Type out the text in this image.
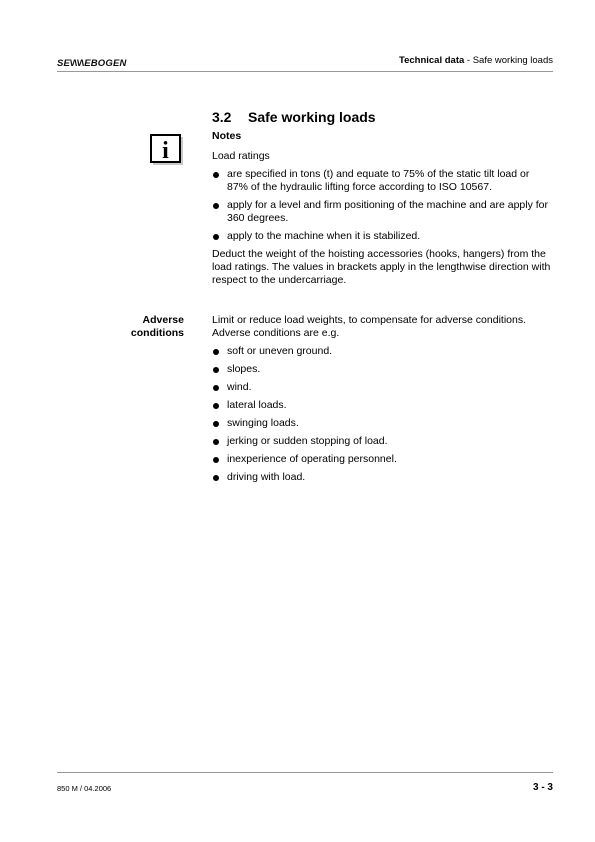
SENNEBOGEN	Technical data - Safe working loads
i
3.2 Safe working loads
Notes

Load ratings

are specified in tons (t) and equate to 75% of the static tilt load or 87% of the hydraulic lifting force according to ISO 10567.
apply for a level and firm positioning of the machine and are apply for 360 degrees.
apply to the machine when it is stabilized.

Deduct the weight of the hoisting accessories (hooks, hangers) from the load ratings. The values in brackets apply in the lengthwise direction with respect to the undercarriage.

Adverse
conditions

Limit or reduce load weights, to compensate for adverse conditions. Adverse conditions are e.g.

soft or uneven ground.
slopes.
wind.
lateral loads.
swinging loads.
jerking or sudden stopping of load.
inexperience of operating personnel.
driving with load.
850 M / 04.2006	3 - 3
